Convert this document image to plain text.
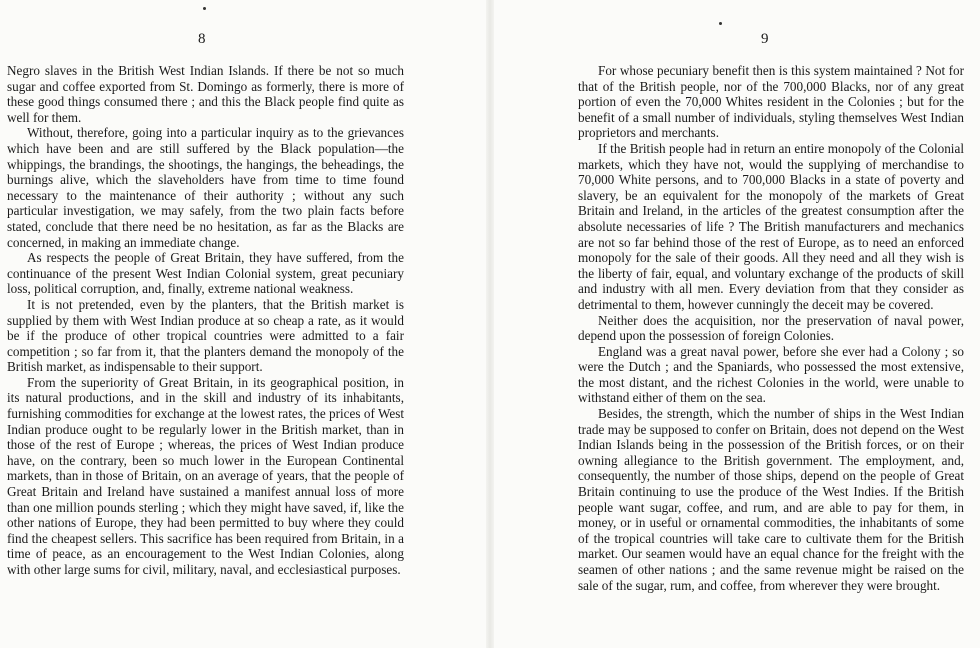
8

Negro slaves in the British West Indian Islands. If there be not so much sugar and coffee exported from St. Domingo as formerly, there is more of these good things consumed there ; and this the Black people find quite as well for them.

Without, therefore, going into a particular inquiry as to the grievances which have been and are still suffered by the Black population—the whippings, the brandings, the shootings, the hangings, the beheadings, the burnings alive, which the slaveholders have from time to time found necessary to the maintenance of their authority ; without any such particular investigation, we may safely, from the two plain facts before stated, conclude that there need be no hesitation, as far as the Blacks are concerned, in making an immediate change.

As respects the people of Great Britain, they have suffered, from the continuance of the present West Indian Colonial system, great pecuniary loss, political corruption, and, finally, extreme national weakness.

It is not pretended, even by the planters, that the British market is supplied by them with West Indian produce at so cheap a rate, as it would be if the produce of other tropical countries were admitted to a fair competition ; so far from it, that the planters demand the monopoly of the British market, as indispensable to their support.

From the superiority of Great Britain, in its geographical position, in its natural productions, and in the skill and industry of its inhabitants, furnishing commodities for exchange at the lowest rates, the prices of West Indian produce ought to be regularly lower in the British market, than in those of the rest of Europe ; whereas, the prices of West Indian produce have, on the contrary, been so much lower in the European Continental markets, than in those of Britain, on an average of years, that the people of Great Britain and Ireland have sustained a manifest annual loss of more than one million pounds sterling ; which they might have saved, if, like the other nations of Europe, they had been permitted to buy where they could find the cheapest sellers. This sacrifice has been required from Britain, in a time of peace, as an encouragement to the West Indian Colonies, along with other large sums for civil, military, naval, and ecclesiastical purposes.

9

For whose pecuniary benefit then is this system maintained ? Not for that of the British people, nor of the 700,000 Blacks, nor of any great portion of even the 70,000 Whites resident in the Colonies ; but for the benefit of a small number of individuals, styling themselves West Indian proprietors and merchants.

If the British people had in return an entire monopoly of the Colonial markets, which they have not, would the supplying of merchandise to 70,000 White persons, and to 700,000 Blacks in a state of poverty and slavery, be an equivalent for the monopoly of the markets of Great Britain and Ireland, in the articles of the greatest consumption after the absolute necessaries of life ? The British manufacturers and mechanics are not so far behind those of the rest of Europe, as to need an enforced monopoly for the sale of their goods. All they need and all they wish is the liberty of fair, equal, and voluntary exchange of the products of skill and industry with all men. Every deviation from that they consider as detrimental to them, however cunningly the deceit may be covered.

Neither does the acquisition, nor the preservation of naval power, depend upon the possession of foreign Colonies.

England was a great naval power, before she ever had a Colony ; so were the Dutch ; and the Spaniards, who possessed the most extensive, the most distant, and the richest Colonies in the world, were unable to withstand either of them on the sea.

Besides, the strength, which the number of ships in the West Indian trade may be supposed to confer on Britain, does not depend on the West Indian Islands being in the possession of the British forces, or on their owning allegiance to the British government. The employment, and, consequently, the number of those ships, depend on the people of Great Britain continuing to use the produce of the West Indies. If the British people want sugar, coffee, and rum, and are able to pay for them, in money, or in useful or ornamental commodities, the inhabitants of some of the tropical countries will take care to cultivate them for the British market. Our seamen would have an equal chance for the freight with the seamen of other nations ; and the same revenue might be raised on the sale of the sugar, rum, and coffee, from wherever they were brought.
